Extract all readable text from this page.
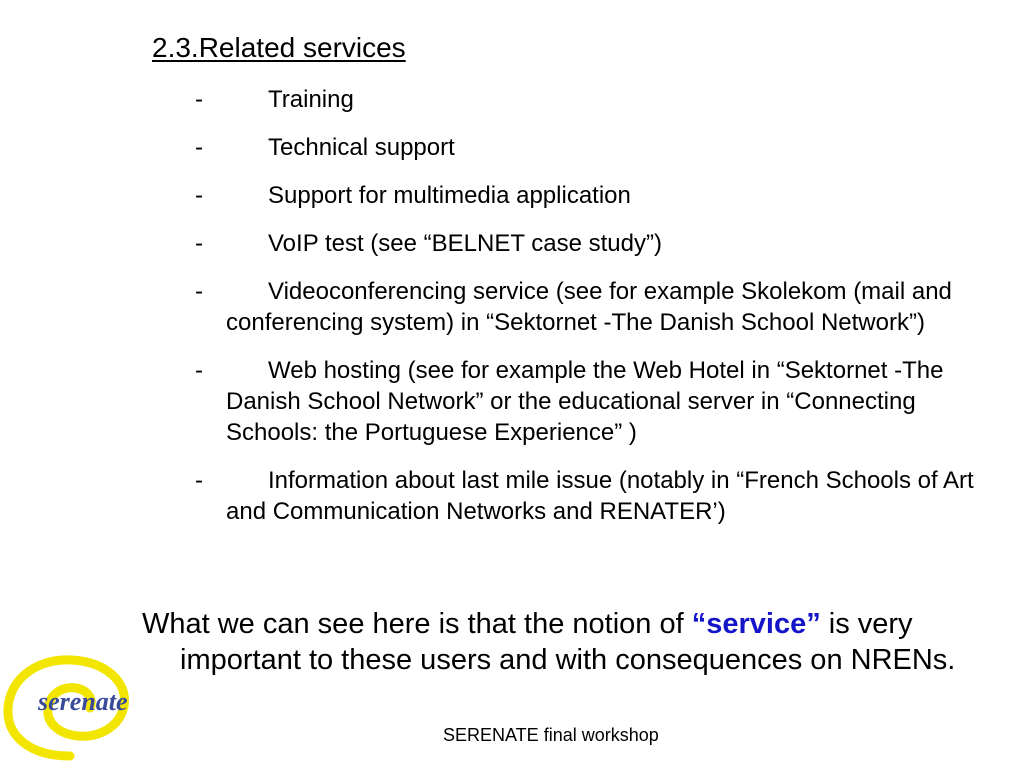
2.3.Related services
-	Training
-	Technical support
-	Support for multimedia application
-	VoIP test (see “BELNET case study”)
-	Videoconferencing service (see for example Skolekom (mail and conferencing system) in “Sektornet -The Danish School Network”)
-	Web hosting (see for example the Web Hotel in “Sektornet -The Danish School Network” or the educational server in “Connecting Schools: the Portuguese Experience” )
-	Information about last mile issue (notably in “French Schools of Art and Communication Networks and RENATER’)
What we can see here is that the notion of “service” is very important to these users and with consequences on NRENs.
serenate
SERENATE final workshop
